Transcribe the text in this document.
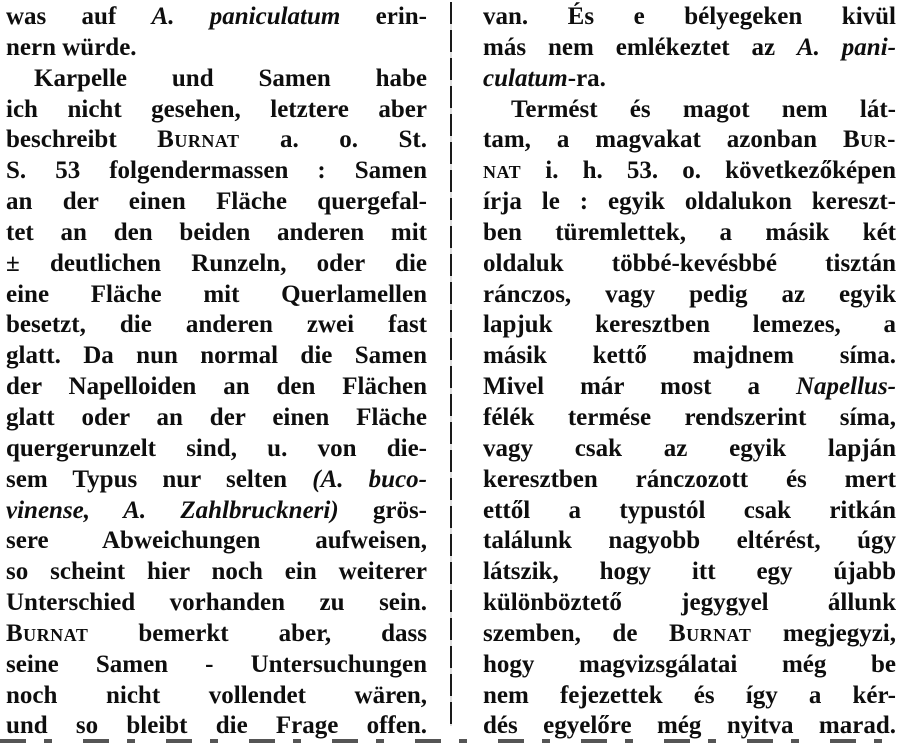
was auf A. paniculatum erin-
nern würde.
Karpelle und Samen habe
ich nicht gesehen, letztere aber
beschreibt Burnat a. o. St.
S. 53 folgendermassen : Samen
an der einen Fläche quergefal-
tet an den beiden anderen mit
± deutlichen Runzeln, oder die
eine Fläche mit Querlamellen
besetzt, die anderen zwei fast
glatt. Da nun normal die Samen
der Napelloiden an den Flächen
glatt oder an der einen Fläche
quergerunzelt sind, u. von die-
sem Typus nur selten (A. buco-
vinense, A. Zahlbruckneri) grös-
sere Abweichungen aufweisen,
so scheint hier noch ein weiterer
Unterschied vorhanden zu sein.
Burnat bemerkt aber, dass
seine Samen - Untersuchungen
noch nicht vollendet wären,
und so bleibt die Frage offen.
van. És e bélyegeken kivül
más nem emlékeztet az A. pani-
culatum-ra.
Termést és magot nem lát-
tam, a magvakat azonban Bur-
nat i. h. 53. o. következőképen
írja le : egyik oldalukon kereszt-
ben türemlettek, a másik két
oldaluk többé-kevésbbé tisztán
ránczos, vagy pedig az egyik
lapjuk keresztben lemezes, a
másik kettő majdnem síma.
Mivel már most a Napellus-
félék termése rendszerint síma,
vagy csak az egyik lapján
keresztben ránczozott és mert
ettől a typustól csak ritkán
találunk nagyobb eltérést, úgy
látszik, hogy itt egy újabb
különböztető jegygyel állunk
szemben, de Burnat megjegyzi,
hogy magvizsgálatai még be
nem fejezettek és így a kér-
dés egyelőre még nyitva marad.
